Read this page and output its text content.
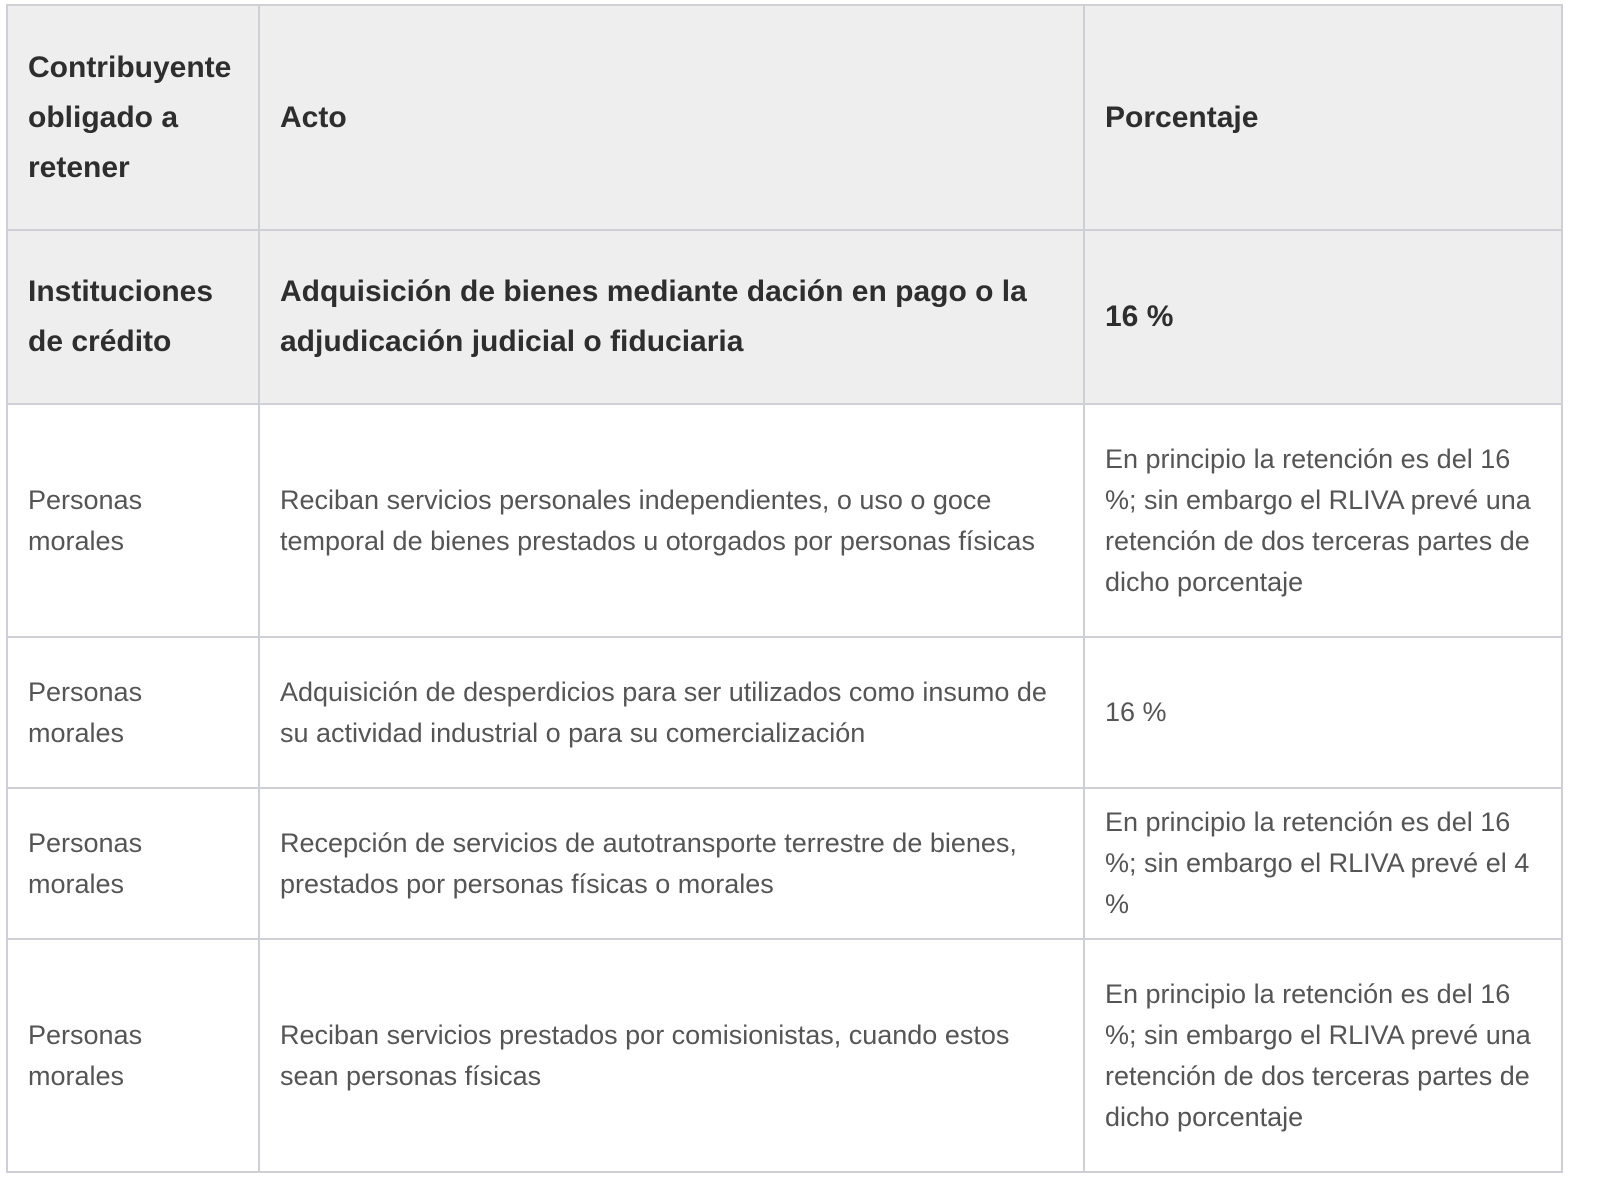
Contribuyente obligado a retener	Acto	Porcentaje
Instituciones de crédito	Adquisición de bienes mediante dación en pago o la adjudicación judicial o fiduciaria	16 %
Personas morales	Reciban servicios personales independientes, o uso o goce temporal de bienes prestados u otorgados por personas físicas	En principio la retención es del 16 %; sin embargo el RLIVA prevé una retención de dos terceras partes de dicho porcentaje
Personas morales	Adquisición de desperdicios para ser utilizados como insumo de su actividad industrial o para su comercialización	16 %
Personas morales	Recepción de servicios de autotransporte terrestre de bienes, prestados por personas físicas o morales	En principio la retención es del 16 %; sin embargo el RLIVA prevé el 4 %
Personas morales	Reciban servicios prestados por comisionistas, cuando estos sean personas físicas	En principio la retención es del 16 %; sin embargo el RLIVA prevé una retención de dos terceras partes de dicho porcentaje
